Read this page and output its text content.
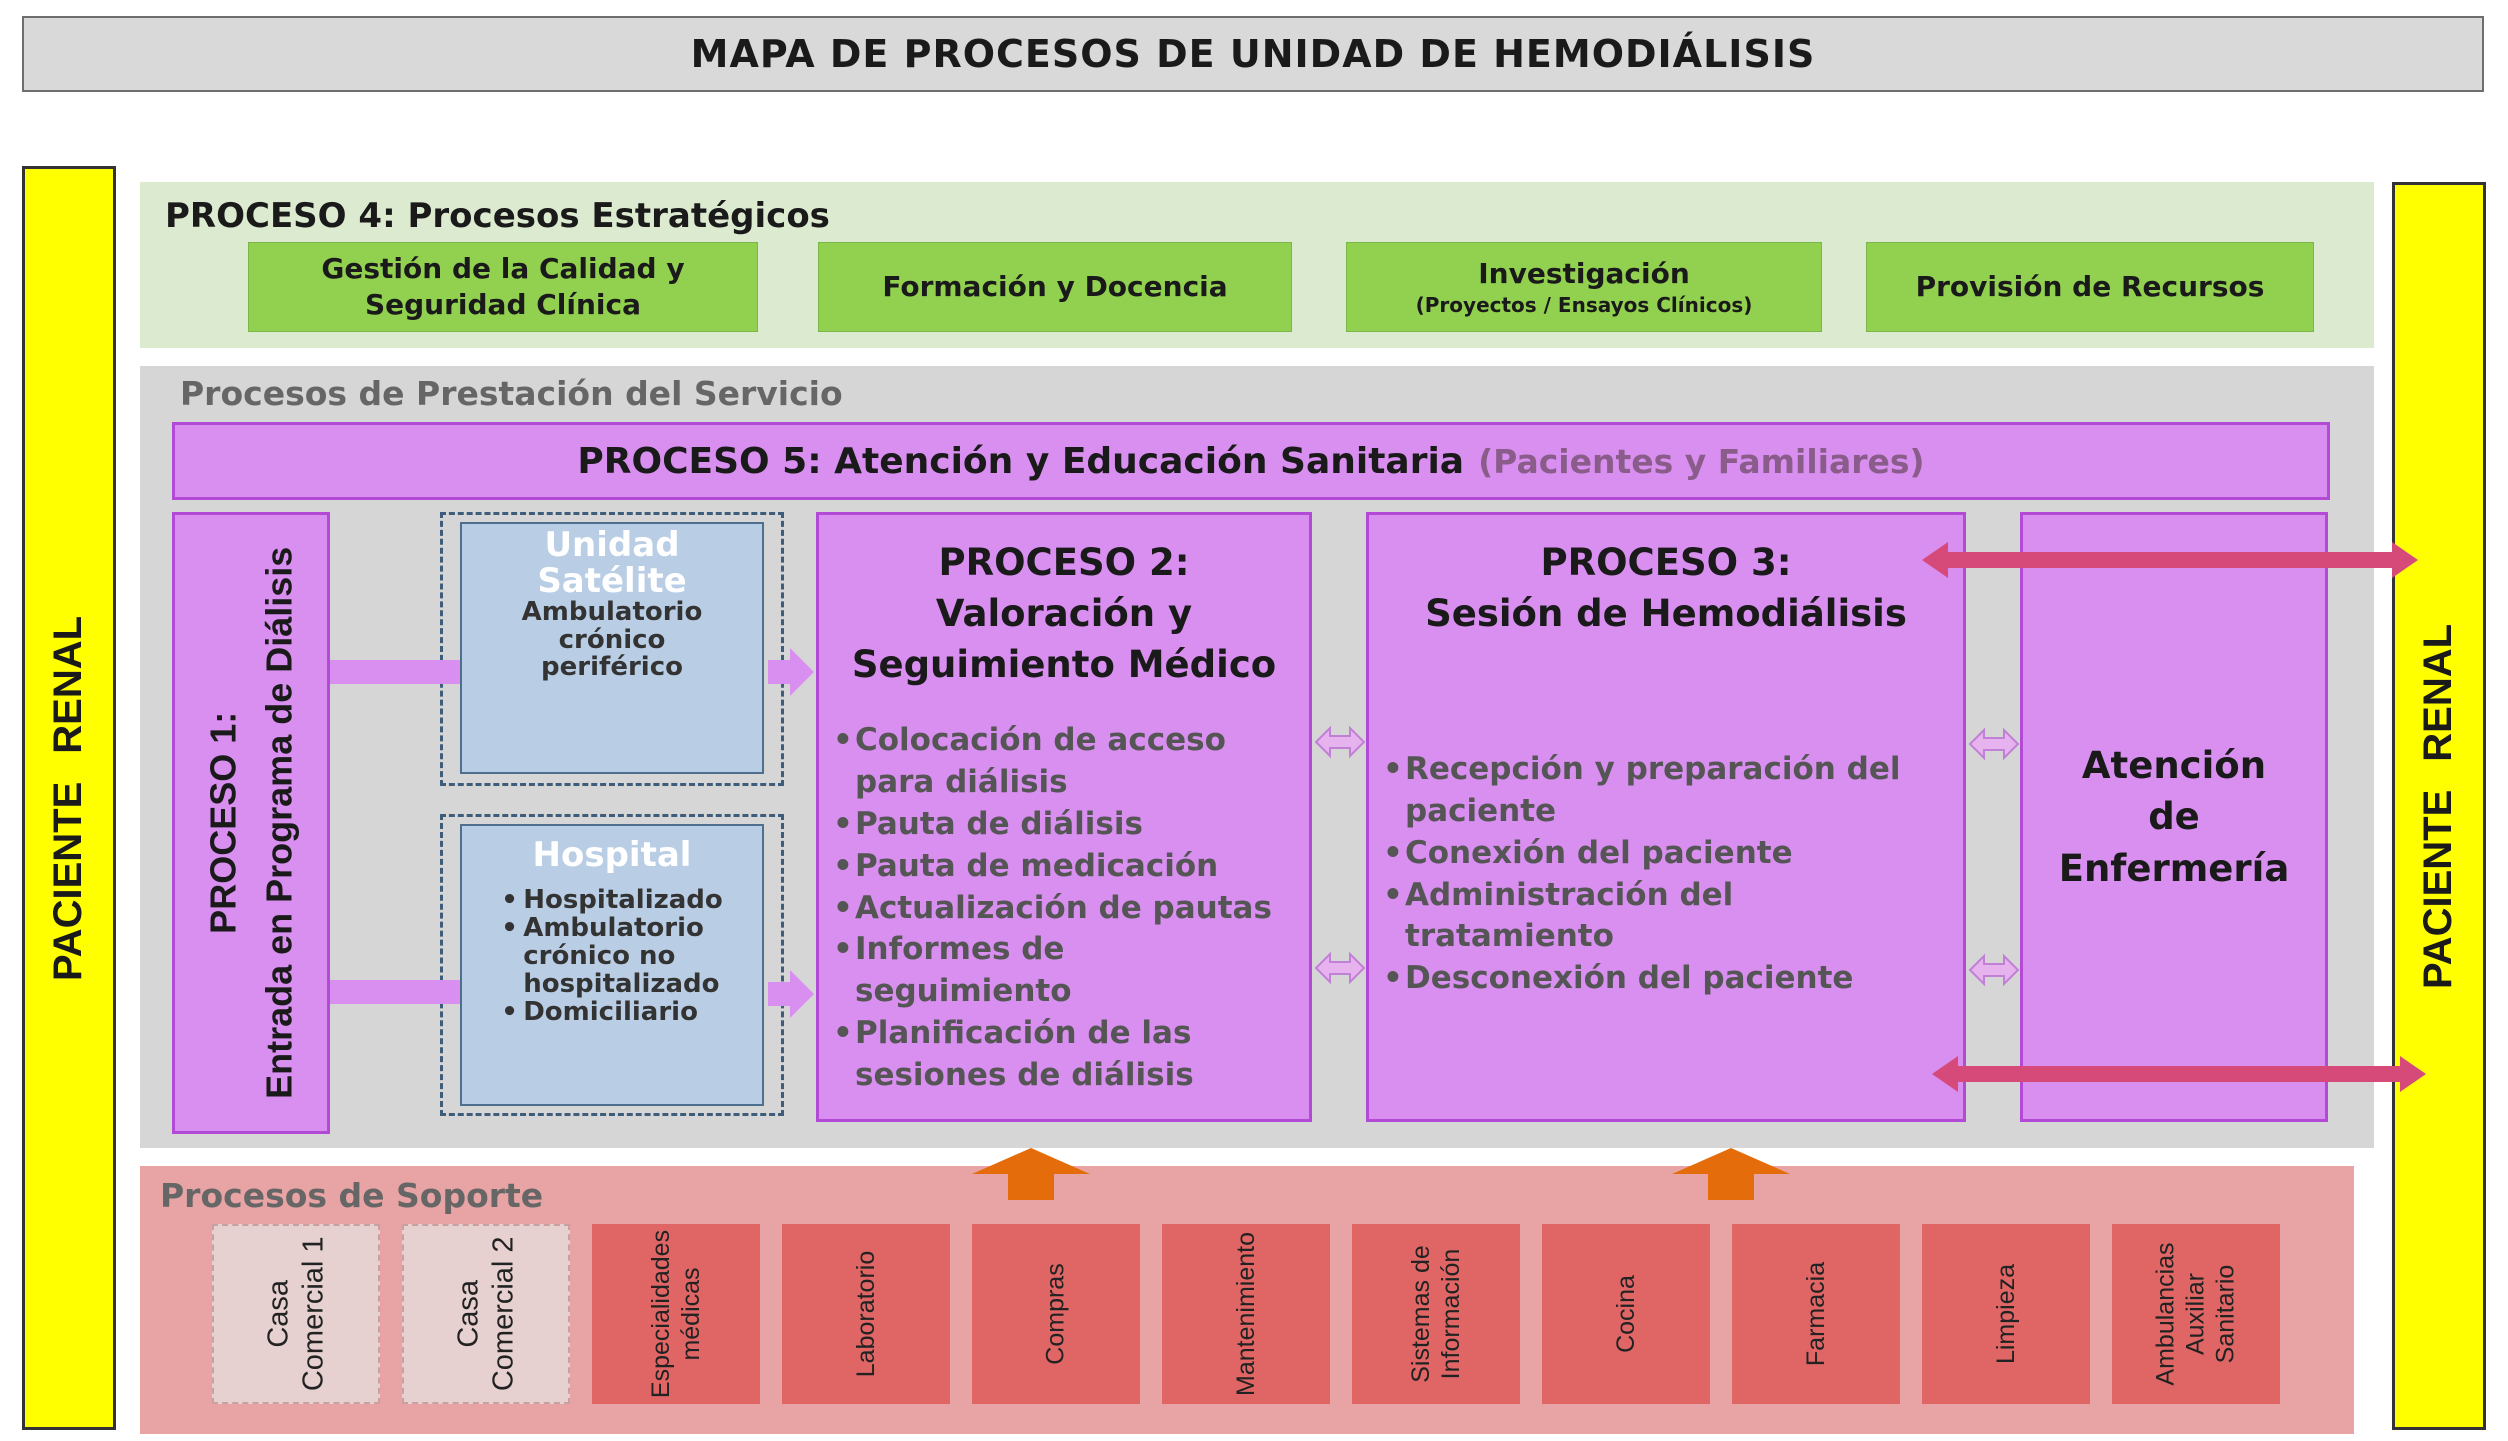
MAPA DE PROCESOS DE UNIDAD DE HEMODIÁLISIS
PACIENTERENAL
PACIENTERENAL
PROCESO 4: Procesos Estratégicos
Gestión de la Calidad y
Seguridad Clínica
Formación y Docencia	Investigación
(Proyectos / Ensayos Clínicos)
Provisión de Recursos
Procesos de Prestación del Servicio
PROCESO 5: Atención y Educación Sanitaria (Pacientes y Familiares)
PROCESO 1: Entrada en Programa de Diálisis
Unidad
Satélite
Ambulatorio
crónico
periférico
Hospital
• Hospitalizado
• Ambulatorio
crónico no
hospitalizado
• Domiciliario
PROCESO 2:
Valoración y
Seguimiento Médico
• Colocación de acceso
para diálisis
• Pauta de diálisis
• Pauta de medicación
• Actualización de pautas
• Informes de
seguimiento
• Planificación de las
sesiones de diálisis
PROCESO 3:
Sesión de Hemodiálisis
• Recepción y preparación del
paciente
• Conexión del paciente
• Administración del
tratamiento
• Desconexión del paciente
Atención
de
Enfermería
Procesos de Soporte
Casa Comercial 1	Casa Comercial 2	Especialidades médicas	Laboratorio	Compras	Mantenimiento	Sistemas de Información	Cocina	Farmacia	Limpieza	Ambulancias Auxiliar Sanitario
